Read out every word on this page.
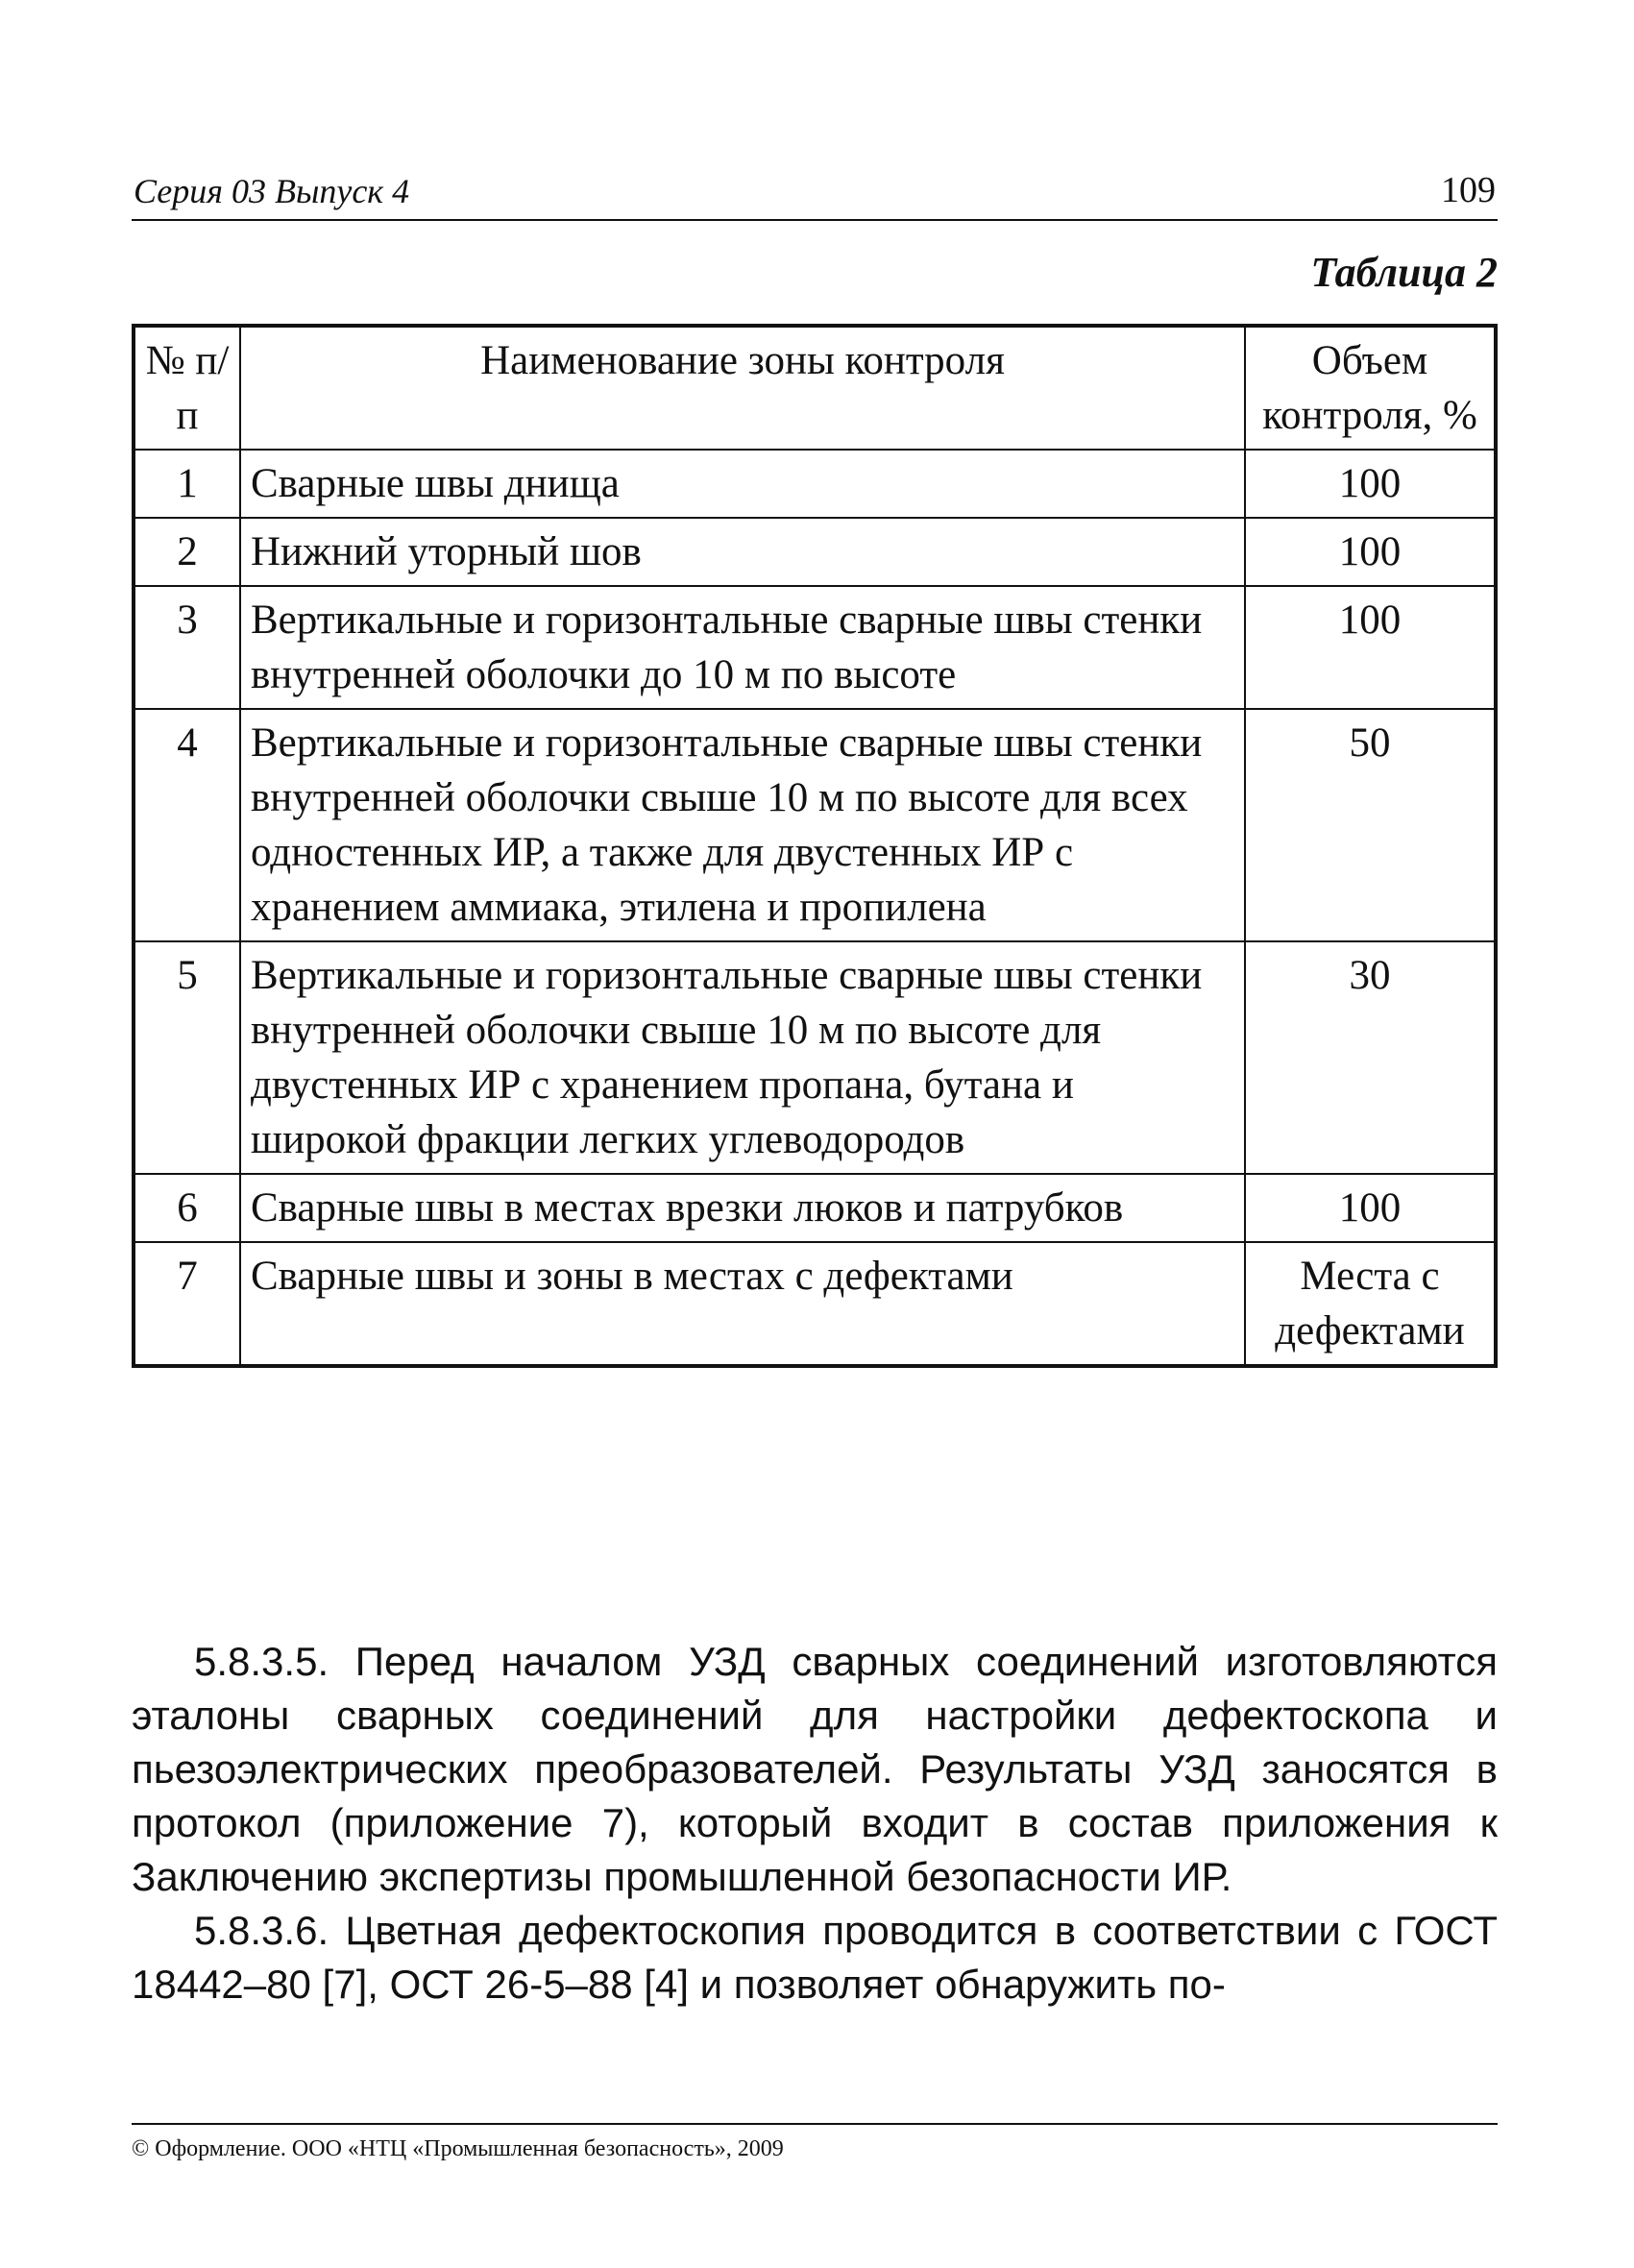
Серия 03 Выпуск 4	109
Таблица 2
№ п/п	Наименование зоны контроля	Объем контроля, %
1	Сварные швы днища	100
2	Нижний уторный шов	100
3	Вертикальные и горизонтальные сварные швы стенки внутренней оболочки до 10 м по высоте	100
4	Вертикальные и горизонтальные сварные швы стенки внутренней оболочки свыше 10 м по высоте для всех одностенных ИР, а также для двустенных ИР с хранением аммиака, этилена и пропилена	50
5	Вертикальные и горизонтальные сварные швы стенки внутренней оболочки свыше 10 м по высоте для двустенных ИР с хранением пропана, бутана и широкой фракции легких углеводородов	30
6	Сварные швы в местах врезки люков и патрубков	100
7	Сварные швы и зоны в местах с дефектами	Места с дефектами

5.8.3.5. Перед началом УЗД сварных соединений изготовляются эталоны сварных соединений для настройки дефектоскопа и пьезоэлектрических преобразователей. Результаты УЗД заносятся в протокол (приложение 7), который входит в состав приложения к Заключению экспертизы промышленной безопасности ИР.

5.8.3.6. Цветная дефектоскопия проводится в соответствии с ГОСТ 18442–80 [7], ОСТ 26-5–88 [4] и позволяет обнаружить по-

© Оформление. ООО «НТЦ «Промышленная безопасность», 2009
